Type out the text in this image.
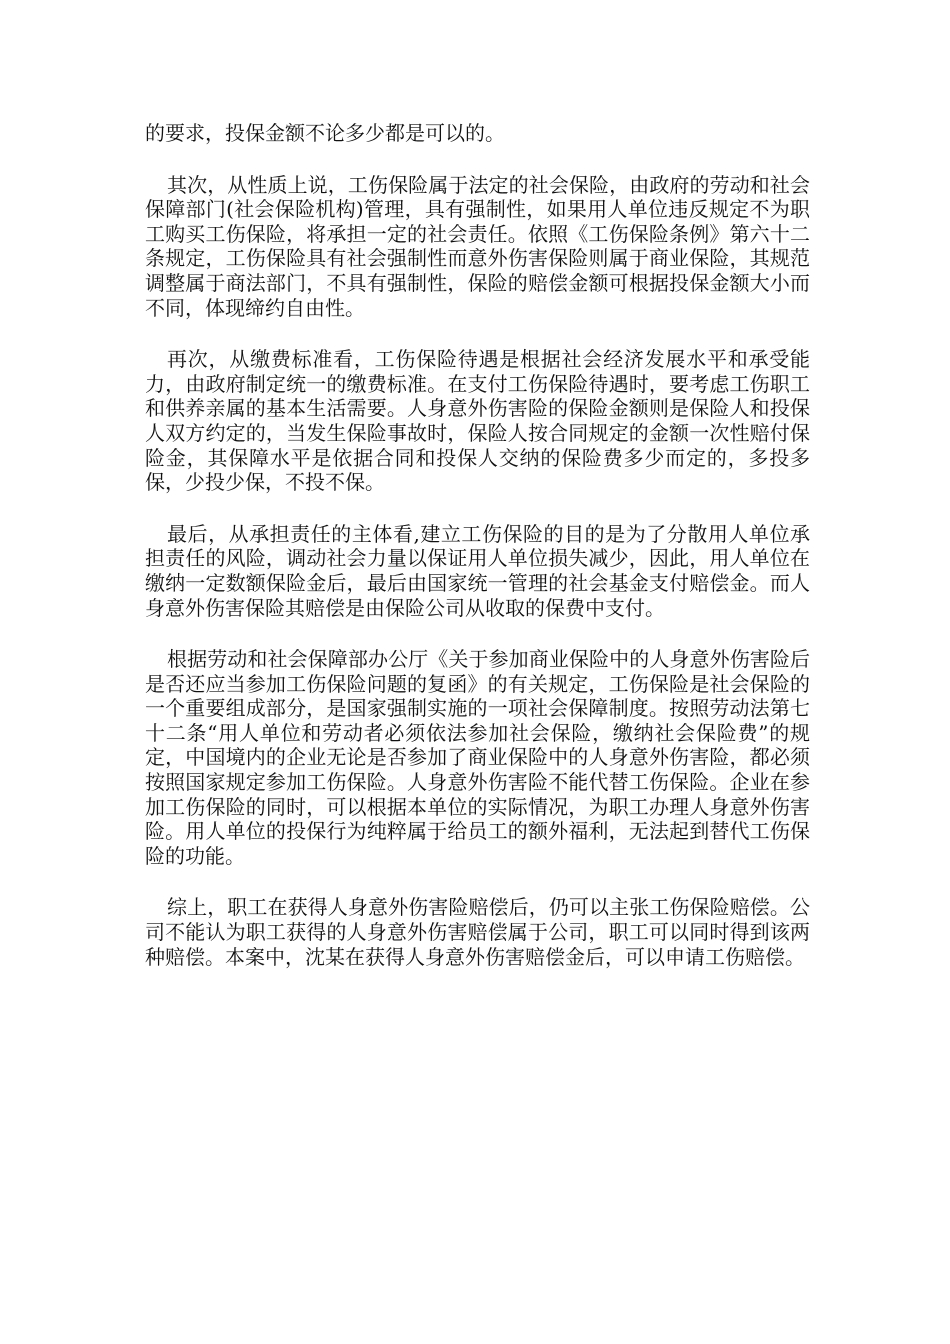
的要求，投保金额不论多少都是可以的。

其次，从性质上说，工伤保险属于法定的社会保险，由政府的劳动和社会保障部门(社会保险机构)管理，具有强制性，如果用人单位违反规定不为职工购买工伤保险，将承担一定的社会责任。依照《工伤保险条例》第六十二条规定，工伤保险具有社会强制性而意外伤害保险则属于商业保险，其规范调整属于商法部门，不具有强制性，保险的赔偿金额可根据投保金额大小而不同，体现缔约自由性。

再次，从缴费标准看，工伤保险待遇是根据社会经济发展水平和承受能力，由政府制定统一的缴费标准。在支付工伤保险待遇时，要考虑工伤职工和供养亲属的基本生活需要。人身意外伤害险的保险金额则是保险人和投保人双方约定的，当发生保险事故时，保险人按合同规定的金额一次性赔付保险金，其保障水平是依据合同和投保人交纳的保险费多少而定的，多投多保，少投少保，不投不保。

最后，从承担责任的主体看,建立工伤保险的目的是为了分散用人单位承担责任的风险，调动社会力量以保证用人单位损失减少，因此，用人单位在缴纳一定数额保险金后，最后由国家统一管理的社会基金支付赔偿金。而人身意外伤害保险其赔偿是由保险公司从收取的保费中支付。

根据劳动和社会保障部办公厅《关于参加商业保险中的人身意外伤害险后是否还应当参加工伤保险问题的复函》的有关规定，工伤保险是社会保险的一个重要组成部分，是国家强制实施的一项社会保障制度。按照劳动法第七十二条“用人单位和劳动者必须依法参加社会保险，缴纳社会保险费”的规定，中国境内的企业无论是否参加了商业保险中的人身意外伤害险，都必须按照国家规定参加工伤保险。人身意外伤害险不能代替工伤保险。企业在参加工伤保险的同时，可以根据本单位的实际情况，为职工办理人身意外伤害险。用人单位的投保行为纯粹属于给员工的额外福利，无法起到替代工伤保险的功能。

综上，职工在获得人身意外伤害险赔偿后，仍可以主张工伤保险赔偿。公司不能认为职工获得的人身意外伤害赔偿属于公司，职工可以同时得到该两种赔偿。本案中，沈某在获得人身意外伤害赔偿金后，可以申请工伤赔偿。
